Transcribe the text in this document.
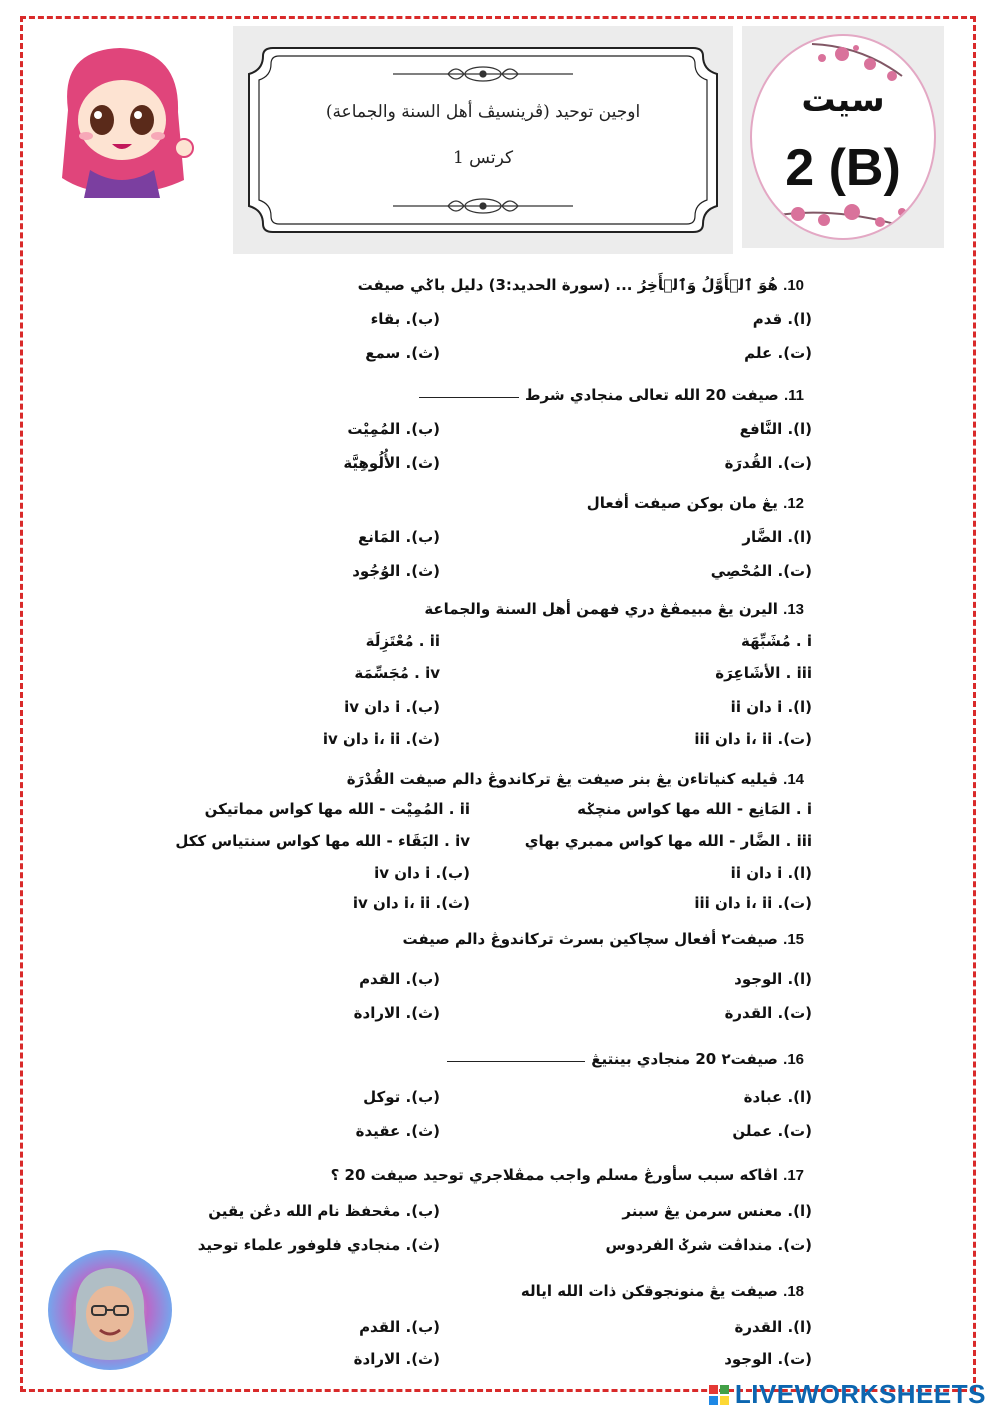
اوجين توحيد (ڤرينسيڤ أهل السنة والجماعة)
كرتس 1
سيت
2 (B)
10. هُوَ ٱلۡأَوَّلُ وَٱلۡأَخِرُ ... (سورة الحديد:3) دليل باݢي صيفت
(ا). قدم
(ب). بقاء
(ت). علم
(ث). سمع
11. صيفت 20 الله تعالى منجادي شرط
(ا). النَّافع
(ب). المُمِيْت
(ت). القُدرَة
(ث). الأُلُوهِيَّة
12. يڠ مان بوکن صيفت أفعال
(ا). الضَّار
(ب). المَانع
(ت). المُحْصِي
(ث). الوُجُود
13. اليرن يڠ مبيمڤڠ دري فهمن أهل السنة والجماعة
i . مُشَبِّهَة
ii . مُعْتَزِلَة
iii . الأشَاعِرَة
iv . مُجَسِّمَة
(ا). i دان ii
(ب). i دان iv
(ت). i، ii دان iii
(ث). i، ii دان iv
14. ڤيليه کنياتاءن يڠ بنر صيفت يڠ ترکاندوڠ دالم صيفت القُدْرَة
i . المَانِع - الله مها كواس منچݢه
ii . المُمِيْت - الله مها كواس مماتيکن
iii . الضَّار - الله مها كواس ممبري بهاي
iv . البَقَاء - الله مها كواس سنتياس ککل
(ا). i دان ii
(ب). i دان iv
(ت). i، ii دان iii
(ث). i، ii دان iv
15. صيفت٢ أفعال سچاکين بسرث ترکاندوڠ دالم صيفت
(ا). الوجود
(ب). القدم
(ت). القدرة
(ث). الارادة
16. صيفت٢ 20 منجادي بينتيڠ
(ا). عبادة
(ب). توکل
(ت). عملن
(ث). عقيدة
17. اڤاکه سبب سأورڠ مسلم واجب ممڤلاجري توحيد صيفت 20 ؟
(ا). معنس سرمن يڠ سبنر
(ب). مڠحفظ نام الله دڠن يقين
(ت). منداڤت شرݢ الفردوس
(ث). منجادي فلوفور علماء توحيد
18. صيفت يڠ منونجوقکن ذات الله اياله
(ا). القدرة
(ب). القدم
(ت). الوجود
(ث). الارادة
LIVEWORKSHEETS
